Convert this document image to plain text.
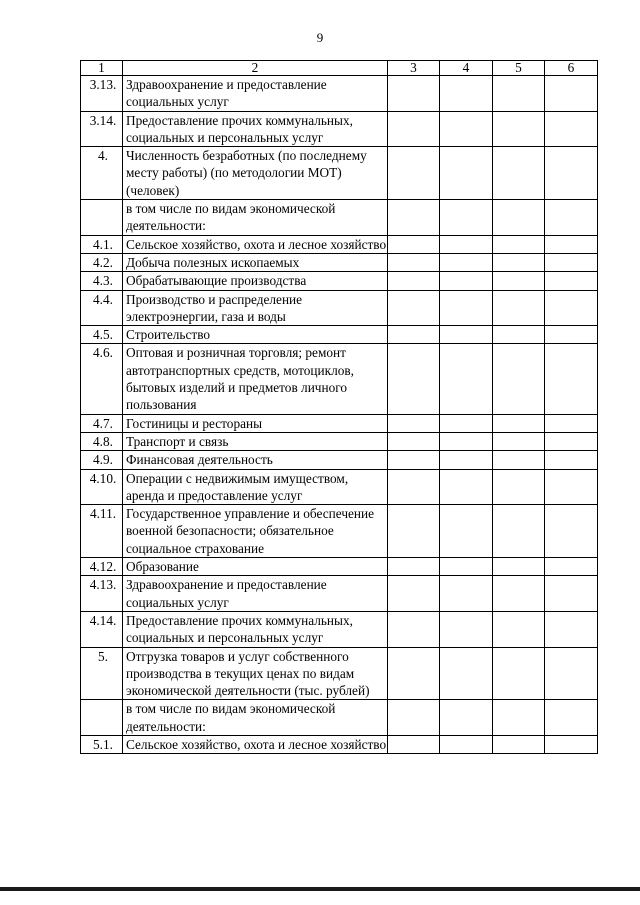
9
1	2	3	4	5	6
3.13.	Здравоохранение и предоставление социальных услуг				
3.14.	Предоставление прочих коммунальных, социальных и персональных услуг				
4.	Численность безработных (по последнему месту работы) (по методологии МОТ) (человек)				
	в том числе по видам экономической деятельности:				
4.1.	Сельское хозяйство, охота и лесное хозяйство				
4.2.	Добыча полезных ископаемых				
4.3.	Обрабатывающие производства				
4.4.	Производство и распределение электроэнергии, газа и воды				
4.5.	Строительство				
4.6.	Оптовая и розничная торговля; ремонт автотранспортных средств, мотоциклов, бытовых изделий и предметов личного пользования				
4.7.	Гостиницы и рестораны				
4.8.	Транспорт и связь				
4.9.	Финансовая деятельность				
4.10.	Операции с недвижимым имуществом, аренда и предоставление услуг				
4.11.	Государственное управление и обеспечение военной безопасности; обязательное социальное страхование				
4.12.	Образование				
4.13.	Здравоохранение и предоставление социальных услуг				
4.14.	Предоставление прочих коммунальных, социальных и персональных услуг				
5.	Отгрузка товаров и услуг собственного производства в текущих ценах по видам экономической деятельности (тыс. рублей)				
	в том числе по видам экономической деятельности:				
5.1.	Сельское хозяйство, охота и лесное хозяйство				
